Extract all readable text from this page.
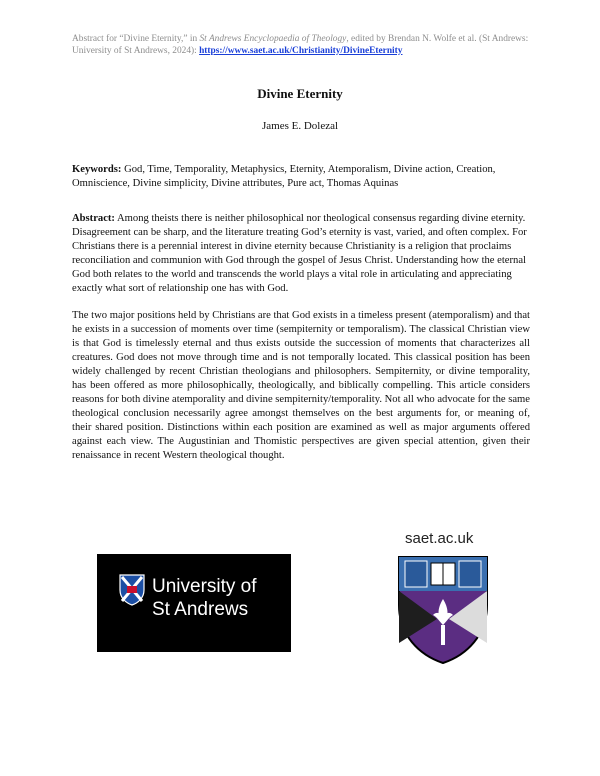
Abstract for “Divine Eternity,” in St Andrews Encyclopaedia of Theology, edited by Brendan N. Wolfe et al. (St Andrews: University of St Andrews, 2024): https://www.saet.ac.uk/Christianity/DivineEternity
Divine Eternity
James E. Dolezal
Keywords: God, Time, Temporality, Metaphysics, Eternity, Atemporalism, Divine action, Creation, Omniscience, Divine simplicity, Divine attributes, Pure act, Thomas Aquinas
Abstract: Among theists there is neither philosophical nor theological consensus regarding divine eternity. Disagreement can be sharp, and the literature treating God’s eternity is vast, varied, and often complex. For Christians there is a perennial interest in divine eternity because Christianity is a religion that proclaims reconciliation and communion with God through the gospel of Jesus Christ. Understanding how the eternal God both relates to the world and transcends the world plays a vital role in articulating and appreciating exactly what sort of relationship one has with God.
The two major positions held by Christians are that God exists in a timeless present (atemporalism) and that he exists in a succession of moments over time (sempiternity or temporalism). The classical Christian view is that God is timelessly eternal and thus exists outside the succession of moments that characterizes all creatures. God does not move through time and is not temporally located. This classical position has been widely challenged by recent Christian theologians and philosophers. Sempiternity, or divine temporality, has been offered as more philosophically, theologically, and biblically compelling. This article considers reasons for both divine atemporality and divine sempiternity/temporality. Not all who advocate for the same theological conclusion necessarily agree amongst themselves on the best arguments for, or meaning of, their shared position. Distinctions within each position are examined as well as major arguments offered against each view. The Augustinian and Thomistic perspectives are given special attention, given their renaissance in recent Western theological thought.
University of
St Andrews
saet.ac.uk
